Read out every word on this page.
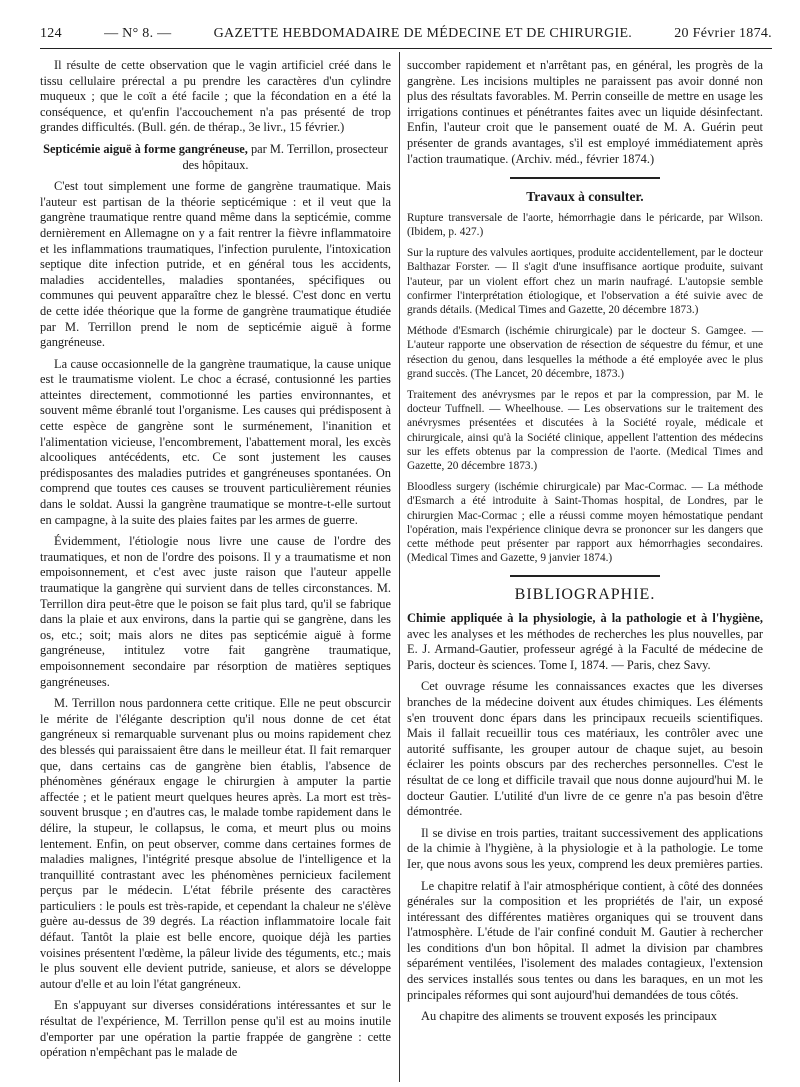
124	— N° 8. —	GAZETTE HEBDOMADAIRE DE MÉDECINE ET DE CHIRURGIE.	20 Février 1874.

Il résulte de cette observation que le vagin artificiel créé dans le tissu cellulaire prérectal a pu prendre les caractères d'un cylindre muqueux ; que le coït a été facile ; que la fécondation en a été la conséquence, et qu'enfin l'accouchement n'a pas présenté de trop grandes difficultés. (Bull. gén. de thérap., 3e livr., 15 février.)

Septicémie aiguë à forme gangréneuse, par M. Terrillon, prosecteur des hôpitaux.

C'est tout simplement une forme de gangrène traumatique. Mais l'auteur est partisan de la théorie septicémique : et il veut que la gangrène traumatique rentre quand même dans la septicémie, comme dernièrement en Allemagne on y a fait rentrer la fièvre inflammatoire et les inflammations traumatiques, l'infection purulente, l'intoxication septique dite infection putride, et en général tous les accidents, maladies accidentelles, maladies spontanées, spécifiques ou communes qui peuvent apparaître chez le blessé. C'est donc en vertu de cette idée théorique que la forme de gangrène traumatique étudiée par M. Terrillon prend le nom de septicémie aiguë à forme gangréneuse.

La cause occasionnelle de la gangrène traumatique, la cause unique est le traumatisme violent. Le choc a écrasé, contusionné les parties atteintes directement, commotionné les parties environnantes, et souvent même ébranlé tout l'organisme. Les causes qui prédisposent à cette espèce de gangrène sont le surménement, l'inanition et l'alimentation vicieuse, l'encombrement, l'abattement moral, les excès alcooliques antécédents, etc. Ce sont justement les causes prédisposantes des maladies putrides et gangréneuses spontanées. On comprend que toutes ces causes se trouvent particulièrement réunies dans le soldat. Aussi la gangrène traumatique se montre-t-elle surtout en campagne, à la suite des plaies faites par les armes de guerre.

Évidemment, l'étiologie nous livre une cause de l'ordre des traumatiques, et non de l'ordre des poisons. Il y a traumatisme et non empoisonnement, et c'est avec juste raison que l'auteur appelle traumatique la gangrène qui survient dans de telles circonstances. M. Terrillon dira peut-être que le poison se fait plus tard, qu'il se fabrique dans la plaie et aux environs, dans la partie qui se gangrène, dans les os, etc.; soit; mais alors ne dites pas septicémie aiguë à forme gangréneuse, intitulez votre fait gangrène traumatique, empoisonnement secondaire par résorption de matières septiques gangréneuses.

M. Terrillon nous pardonnera cette critique. Elle ne peut obscurcir le mérite de l'élégante description qu'il nous donne de cet état gangréneux si remarquable survenant plus ou moins rapidement chez des blessés qui paraissaient être dans le meilleur état. Il fait remarquer que, dans certains cas de gangrène bien établis, l'absence de phénomènes généraux engage le chirurgien à amputer la partie affectée ; et le patient meurt quelques heures après. La mort est très-souvent brusque ; en d'autres cas, le malade tombe rapidement dans le délire, la stupeur, le collapsus, le coma, et meurt plus ou moins lentement. Enfin, on peut observer, comme dans certaines formes de maladies malignes, l'intégrité presque absolue de l'intelligence et la tranquillité contrastant avec les phénomènes pernicieux facilement perçus par le médecin. L'état fébrile présente des caractères particuliers : le pouls est très-rapide, et cependant la chaleur ne s'élève guère au-dessus de 39 degrés. La réaction inflammatoire locale fait défaut. Tantôt la plaie est belle encore, quoique déjà les parties voisines présentent l'œdème, la pâleur livide des téguments, etc.; mais le plus souvent elle devient putride, sanieuse, et alors se développe autour d'elle et au loin l'état gangréneux.

En s'appuyant sur diverses considérations intéressantes et sur le résultat de l'expérience, M. Terrillon pense qu'il est au moins inutile d'emporter par une opération la partie frappée de gangrène : cette opération n'empêchant pas le malade de

succomber rapidement et n'arrêtant pas, en général, les progrès de la gangrène. Les incisions multiples ne paraissent pas avoir donné non plus des résultats favorables. M. Perrin conseille de mettre en usage les irrigations continues et pénétrantes faites avec un liquide désinfectant. Enfin, l'auteur croit que le pansement ouaté de M. A. Guérin peut présenter de grands avantages, s'il est employé immédiatement après l'action traumatique. (Archiv. méd., février 1874.)

Travaux à consulter.

Rupture transversale de l'aorte, hémorrhagie dans le péricarde, par Wilson. (Ibidem, p. 427.)

Sur la rupture des valvules aortiques, produite accidentellement, par le docteur Balthazar Forster. — Il s'agit d'une insuffisance aortique produite, suivant l'auteur, par un violent effort chez un marin naufragé. L'autopsie semble confirmer l'interprétation étiologique, et l'observation a été suivie avec de grands détails. (Medical Times and Gazette, 20 décembre 1873.)

Méthode d'Esmarch (ischémie chirurgicale) par le docteur S. Gamgee. — L'auteur rapporte une observation de résection de séquestre du fémur, et une résection du genou, dans lesquelles la méthode a été employée avec le plus grand succès. (The Lancet, 20 décembre, 1873.)

Traitement des anévrysmes par le repos et par la compression, par M. le docteur Tuffnell. — Wheelhouse. — Les observations sur le traitement des anévrysmes présentées et discutées à la Société royale, médicale et chirurgicale, ainsi qu'à la Société clinique, appellent l'attention des médecins sur les effets obtenus par la compression de l'aorte. (Medical Times and Gazette, 20 décembre 1873.)

Bloodless surgery (ischémie chirurgicale) par Mac-Cormac. — La méthode d'Esmarch a été introduite à Saint-Thomas hospital, de Londres, par le chirurgien Mac-Cormac ; elle a réussi comme moyen hémostatique pendant l'opération, mais l'expérience clinique devra se prononcer sur les dangers que cette méthode peut présenter par rapport aux hémorrhagies secondaires. (Medical Times and Gazette, 9 janvier 1874.)

BIBLIOGRAPHIE.

Chimie appliquée à la physiologie, à la pathologie et à l'hygiène, avec les analyses et les méthodes de recherches les plus nouvelles, par E. J. Armand-Gautier, professeur agrégé à la Faculté de médecine de Paris, docteur ès sciences. Tome I, 1874. — Paris, chez Savy.

Cet ouvrage résume les connaissances exactes que les diverses branches de la médecine doivent aux études chimiques. Les éléments s'en trouvent donc épars dans les principaux recueils scientifiques. Mais il fallait recueillir tous ces matériaux, les contrôler avec une autorité suffisante, les grouper autour de chaque sujet, au besoin éclairer les points obscurs par des recherches personnelles. C'est le résultat de ce long et difficile travail que nous donne aujourd'hui M. le docteur Gautier. L'utilité d'un livre de ce genre n'a pas besoin d'être démontrée.

Il se divise en trois parties, traitant successivement des applications de la chimie à l'hygiène, à la physiologie et à la pathologie. Le tome Ier, que nous avons sous les yeux, comprend les deux premières parties.

Le chapitre relatif à l'air atmosphérique contient, à côté des données générales sur la composition et les propriétés de l'air, un exposé intéressant des différentes matières organiques qui se trouvent dans l'atmosphère. L'étude de l'air confiné conduit M. Gautier à rechercher les conditions d'un bon hôpital. Il admet la division par chambres séparément ventilées, l'isolement des malades contagieux, l'extension des services installés sous tentes ou dans les baraques, en un mot les principales réformes qui sont aujourd'hui demandées de tous côtés.

Au chapitre des aliments se trouvent exposés les principaux
